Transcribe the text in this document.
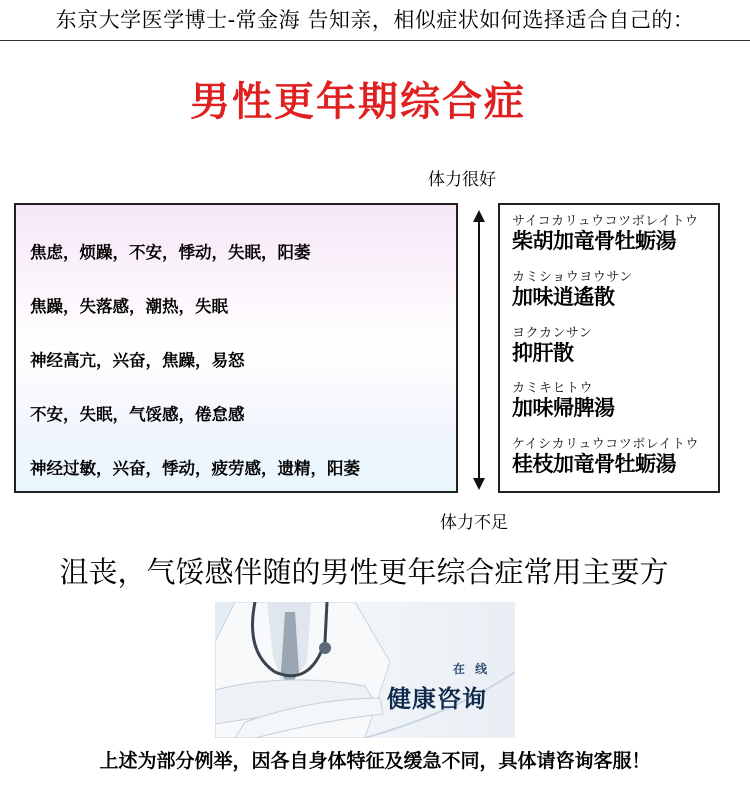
东京大学医学博士-常金海 告知亲，相似症状如何选择适合自己的：
男性更年期综合症
体力很好
焦虑，烦躁，不安，悸动，失眠，阳萎
焦躁，失落感，潮热，失眠
神经高亢，兴奋，焦躁，易怒
不安，失眠，气馁感，倦怠感
神经过敏，兴奋，悸动，疲劳感，遗精，阳萎
サイコカリュウコツボレイトウ
柴胡加竜骨牡蛎湯
カミショウヨウサン
加味逍遙散
ヨクカンサン
抑肝散
カミキヒトウ
加味帰脾湯
ケイシカリュウコツボレイトウ
桂枝加竜骨牡蛎湯
体力不足
沮丧，气馁感伴随的男性更年综合症常用主要方
在 线
健康咨询
上述为部分例举，因各自身体特征及缓急不同，具体请咨询客服！
